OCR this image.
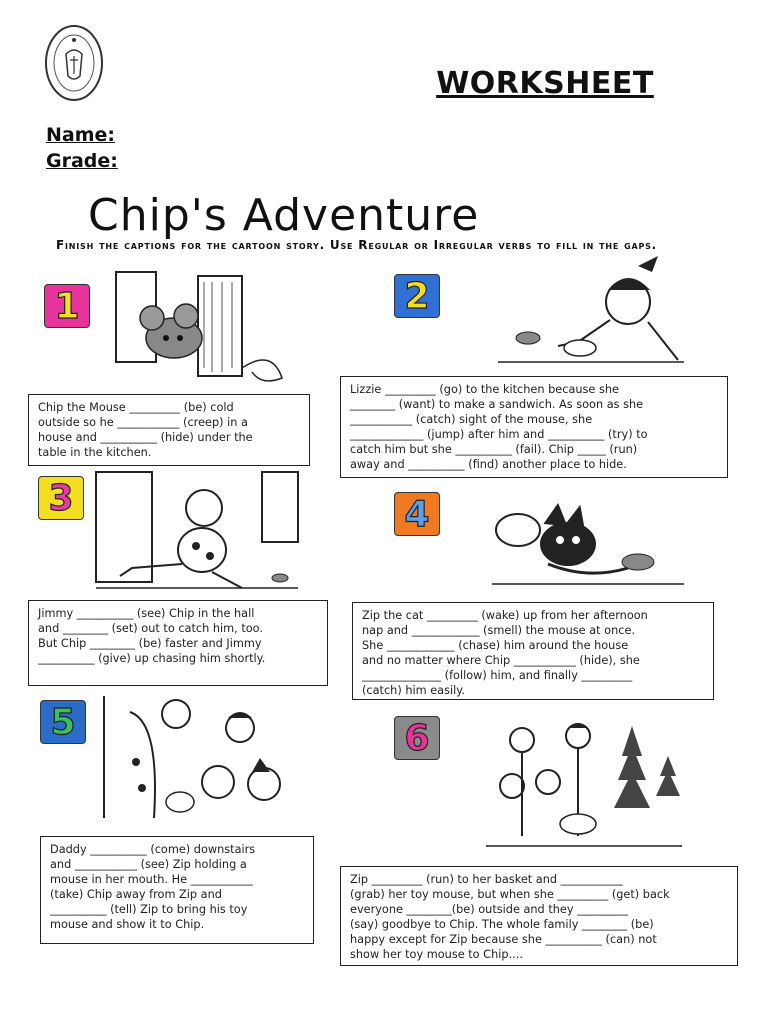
WORKSHEET
Name:
Grade:
Chip's Adventure
Finish the captions for the cartoon story. Use Regular or Irregular verbs to fill in the gaps.
1
Chip the Mouse _________ (be) cold
outside so he ___________ (creep) in a
house and __________ (hide) under the
table in the kitchen.
2
Lizzie _________ (go) to the kitchen because she
________ (want) to make a sandwich. As soon as she
___________ (catch) sight of the mouse, she
_____________ (jump) after him and __________ (try) to
catch him but she __________ (fail). Chip _____ (run)
away and __________ (find) another place to hide.
3
Jimmy __________ (see) Chip in the hall
and ________ (set) out to catch him, too.
But Chip ________ (be) faster and Jimmy
__________ (give) up chasing him shortly.
4
Zip the cat _________ (wake) up from her afternoon
nap and ____________ (smell) the mouse at once.
She ____________ (chase) him around the house
and no matter where Chip ___________ (hide), she
______________ (follow) him, and finally _________
(catch) him easily.
5
Daddy __________ (come) downstairs
and ___________ (see) Zip holding a
mouse in her mouth. He ___________
(take) Chip away from Zip and
__________ (tell) Zip to bring his toy
mouse and show it to Chip.
6
Zip _________ (run) to her basket and ___________
(grab) her toy mouse, but when she _________ (get) back
everyone ________(be) outside and they _________
(say) goodbye to Chip. The whole family ________ (be)
happy except for Zip because she __________ (can) not
show her toy mouse to Chip....
